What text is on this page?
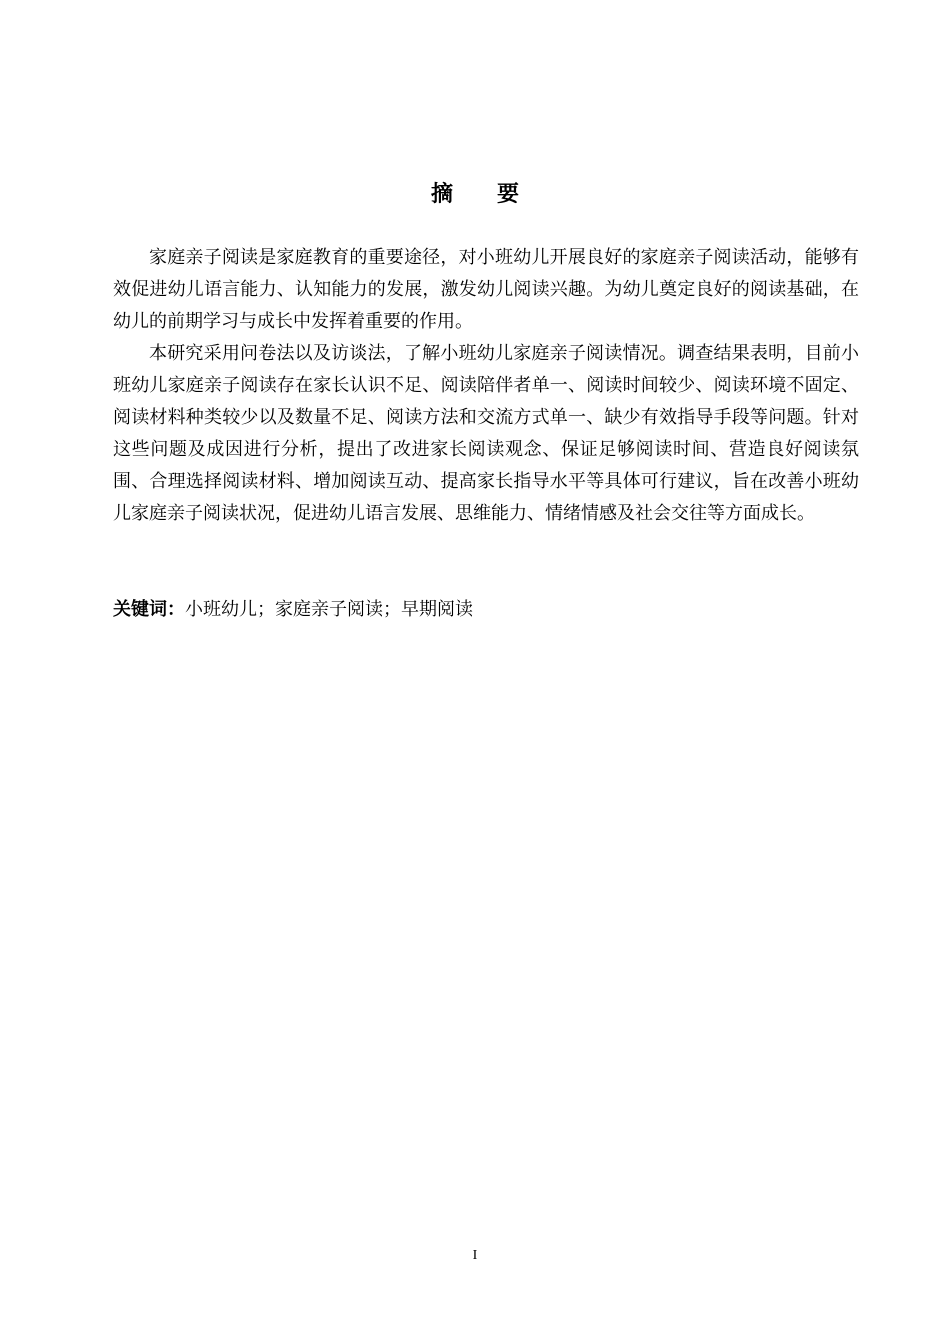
摘要

家庭亲子阅读是家庭教育的重要途径，对小班幼儿开展良好的家庭亲子阅读活动，能够有效促进幼儿语言能力、认知能力的发展，激发幼儿阅读兴趣。为幼儿奠定良好的阅读基础，在幼儿的前期学习与成长中发挥着重要的作用。

本研究采用问卷法以及访谈法，了解小班幼儿家庭亲子阅读情况。调查结果表明，目前小班幼儿家庭亲子阅读存在家长认识不足、阅读陪伴者单一、阅读时间较少、阅读环境不固定、阅读材料种类较少以及数量不足、阅读方法和交流方式单一、缺少有效指导手段等问题。针对这些问题及成因进行分析，提出了改进家长阅读观念、保证足够阅读时间、营造良好阅读氛围、合理选择阅读材料、增加阅读互动、提高家长指导水平等具体可行建议，旨在改善小班幼儿家庭亲子阅读状况，促进幼儿语言发展、思维能力、情绪情感及社会交往等方面成长。

关键词：小班幼儿；家庭亲子阅读；早期阅读
I
